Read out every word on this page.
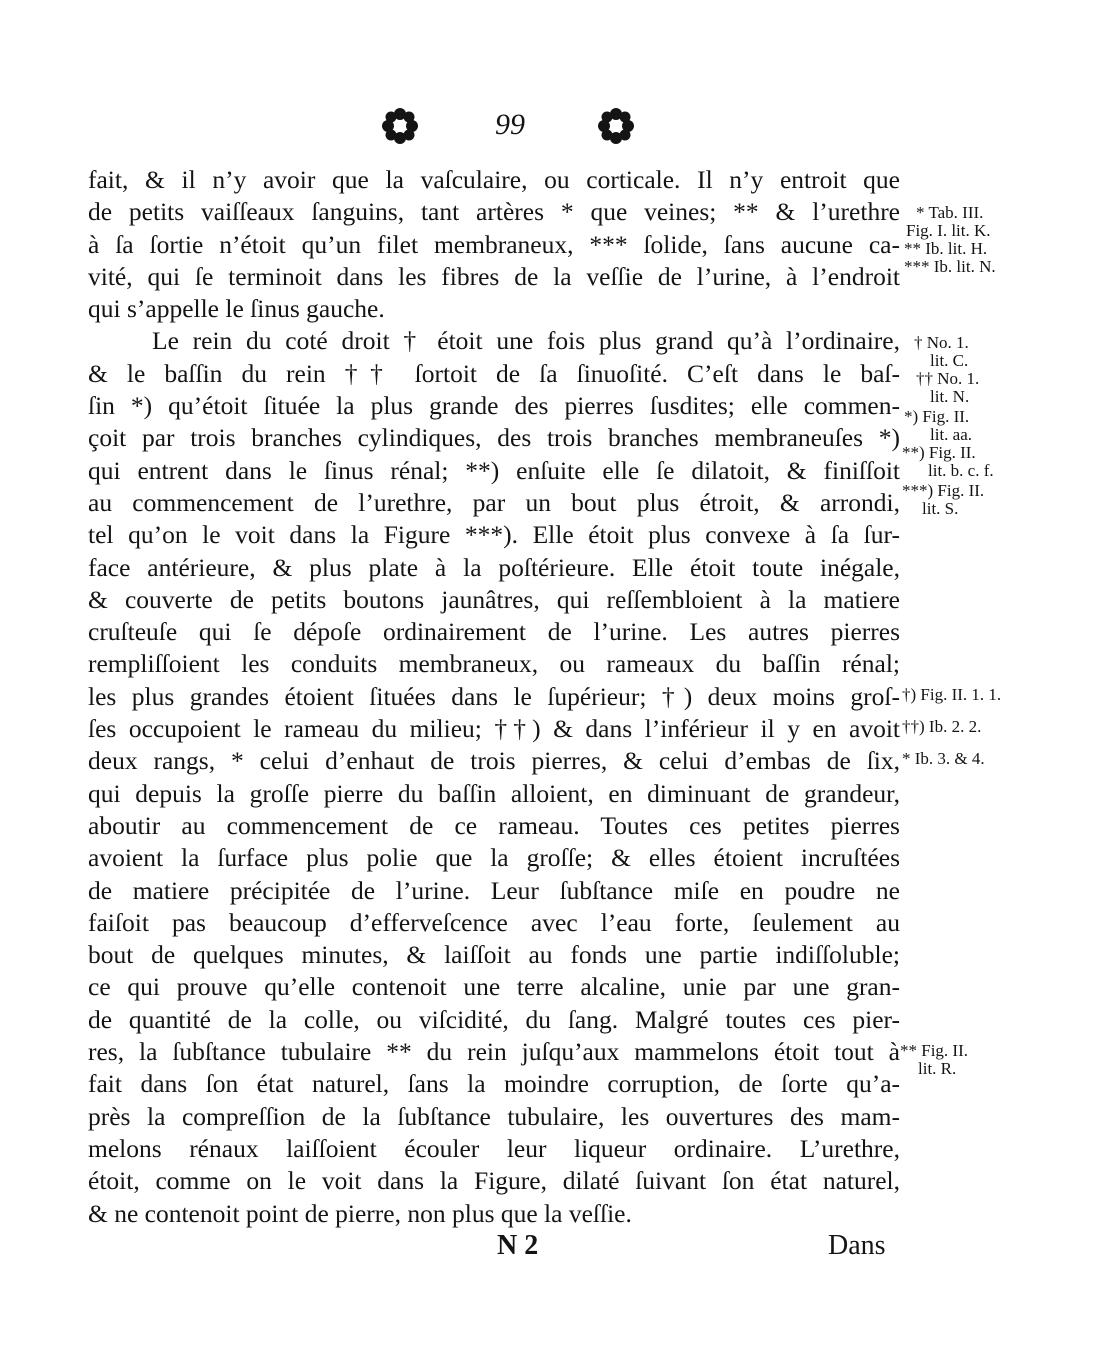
99
fait, & il n’y avoir que la vaſculaire, ou corticale. Il n’y entroit que
de petits vaiſſeaux ſanguins, tant artères * que veines; ** & l’urethre
à ſa ſortie n’étoit qu’un filet membraneux, *** ſolide, ſans aucune ca-
vité, qui ſe terminoit dans les fibres de la veſſie de l’urine, à l’endroit
qui s’appelle le ſinus gauche.
Le rein du coté droit † étoit une fois plus grand qu’à l’ordinaire,
& le baſſin du rein †† ſortoit de ſa ſinuoſité. C’eſt dans le baſ-
ſin *) qu’étoit ſituée la plus grande des pierres ſusdites; elle commen-
çoit par trois branches cylindiques, des trois branches membraneuſes *)
qui entrent dans le ſinus rénal; **) enſuite elle ſe dilatoit, & finiſſoit
au commencement de l’urethre, par un bout plus étroit, & arrondi,
tel qu’on le voit dans la Figure ***). Elle étoit plus convexe à ſa ſur-
face antérieure, & plus plate à la poſtérieure. Elle étoit toute inégale,
& couverte de petits boutons jaunâtres, qui reſſembloient à la matiere
cruſteuſe qui ſe dépoſe ordinairement de l’urine. Les autres pierres
rempliſſoient les conduits membraneux, ou rameaux du baſſin rénal;
les plus grandes étoient ſituées dans le ſupérieur; †) deux moins groſ-
ſes occupoient le rameau du milieu; ††) & dans l’inférieur il y en avoit
deux rangs, * celui d’enhaut de trois pierres, & celui d’embas de ſix,
qui depuis la groſſe pierre du baſſin alloient, en diminuant de grandeur,
aboutir au commencement de ce rameau. Toutes ces petites pierres
avoient la ſurface plus polie que la groſſe; & elles étoient incruſtées
de matiere précipitée de l’urine. Leur ſubſtance miſe en poudre ne
faiſoit pas beaucoup d’efferveſcence avec l’eau forte, ſeulement au
bout de quelques minutes, & laiſſoit au fonds une partie indiſſoluble;
ce qui prouve qu’elle contenoit une terre alcaline, unie par une gran-
de quantité de la colle, ou viſcidité, du ſang. Malgré toutes ces pier-
res, la ſubſtance tubulaire ** du rein juſqu’aux mammelons étoit tout à
fait dans ſon état naturel, ſans la moindre corruption, de ſorte qu’a-
près la compreſſion de la ſubſtance tubulaire, les ouvertures des mam-
melons rénaux laiſſoient écouler leur liqueur ordinaire. L’urethre,
étoit, comme on le voit dans la Figure, dilaté ſuivant ſon état naturel,
& ne contenoit point de pierre, non plus que la veſſie.
* Tab. III.
Fig. I. lit. K.
** Ib. lit. H.
*** Ib. lit. N.
† No. 1.
lit. C.
†† No. 1.
lit. N.
*) Fig. II.
lit. aa.
**) Fig. II.
lit. b. c. f.
***) Fig. II.
lit. S.
†) Fig. II. 1. 1.
††) Ib. 2. 2.
* Ib. 3. & 4.
** Fig. II.
lit. R.
N 2	Dans
